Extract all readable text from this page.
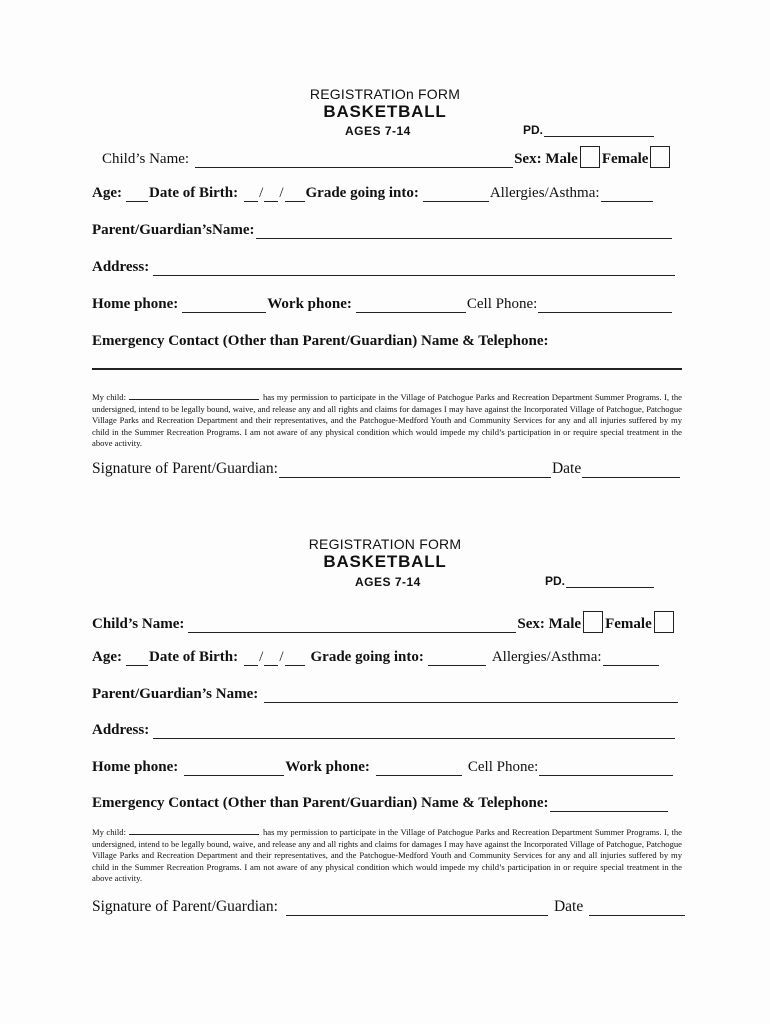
REGISTRATIOn FORM
BASKETBALL
AGES 7-14	PD.
Child’s Name:	Sex: Male Female
Age: Date of Birth: / / Grade going into:	Allergies/Asthma:
Parent/Guardian’sName:
Address:
Home phone:	Work phone:	Cell Phone:
Emergency Contact (Other than Parent/Guardian) Name & Telephone:
My child:	has my permission to participate in the Village of Patchogue Parks and Recreation Department Summer Programs. I, the undersigned, intend to be legally bound, waive, and release any and all rights and claims for damages I may have against the Incorporated Village of Patchogue, Patchogue Village Parks and Recreation Department and their representatives, and the Patchogue-Medford Youth and Community Services for any and all injuries suffered by my child in the Summer Recreation Programs. I am not aware of any physical condition which would impede my child’s participation in or require special treatment in the above activity.
Signature of Parent/Guardian:	Date
REGISTRATION FORM
BASKETBALL
AGES 7-14	PD.
Child’s Name:	Sex: Male Female
Age: Date of Birth: / / Grade going into:	Allergies/Asthma:
Parent/Guardian’s Name:
Address:
Home phone:	Work phone:	Cell Phone:
Emergency Contact (Other than Parent/Guardian) Name & Telephone:
My child:	has my permission to participate in the Village of Patchogue Parks and Recreation Department Summer Programs. I, the undersigned, intend to be legally bound, waive, and release any and all rights and claims for damages I may have against the Incorporated Village of Patchogue, Patchogue Village Parks and Recreation Department and their representatives, and the Patchogue-Medford Youth and Community Services for any and all injuries suffered by my child in the Summer Recreation Programs. I am not aware of any physical condition which would impede my child’s participation in or require special treatment in the above activity.
Signature of Parent/Guardian:	Date
